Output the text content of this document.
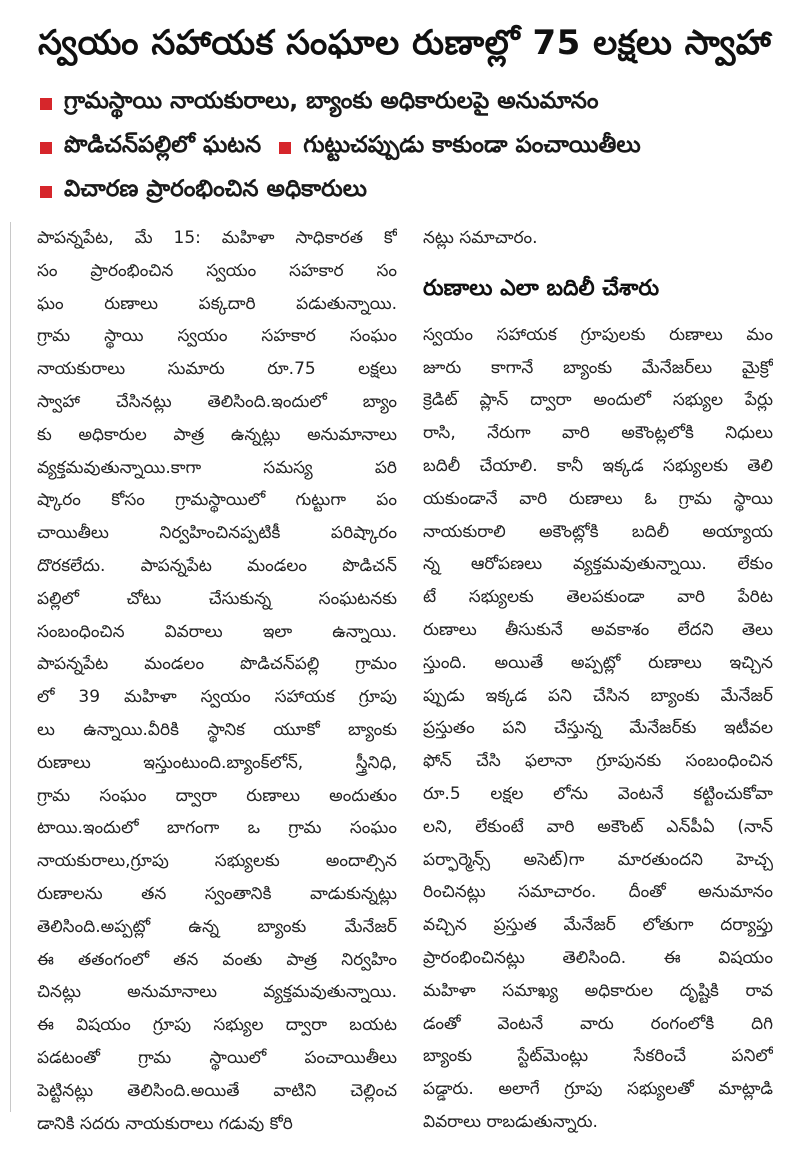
స్వయం సహాయక సంఘాల రుణాల్లో 75 లక్షలు స్వాహా
గ్రామస్థాయి నాయకురాలు, బ్యాంకు అధికారులపై అనుమానం
పొడిచన్‌పల్లిలో ఘటన గుట్టుచప్పుడు కాకుండా పంచాయితీలు
విచారణ ప్రారంభించిన అధికారులు
పాపన్నపేట, మే 15: మహిళా సాధికారత కో
సం ప్రారంభించిన స్వయం సహకార సం
ఘం రుణాలు పక్కదారి పడుతున్నాయి.
గ్రామ స్థాయి స్వయం సహకార సంఘం
నాయకురాలు సుమారు రూ.75 లక్షలు
స్వాహా చేసినట్లు తెలిసింది.ఇందులో బ్యాం
కు అధికారుల పాత్ర ఉన్నట్లు అనుమానాలు
వ్యక్తమవుతున్నాయి.కాగా సమస్య పరి
ష్కారం కోసం గ్రామస్థాయిలో గుట్టుగా పం
చాయితీలు నిర్వహించినప్పటికీ పరిష్కారం
దొరకలేదు. పాపన్నపేట మండలం పొడిచన్
పల్లిలో చోటు చేసుకున్న సంఘటనకు
సంబంధించిన వివరాలు ఇలా ఉన్నాయి.
పాపన్నపేట మండలం పొడిచన్‌పల్లి గ్రామం
లో 39 మహిళా స్వయం సహాయక గ్రూపు
లు ఉన్నాయి.వీరికి స్థానిక యూకో బ్యాంకు
రుణాలు ఇస్తుంటుంది.బ్యాంక్‌లోన్, స్త్రీనిధి,
గ్రామ సంఘం ద్వారా రుణాలు అందుతుం
టాయి.ఇందులో బాగంగా ఒ గ్రామ సంఘం
నాయకురాలు,గ్రూపు సభ్యులకు అందాల్సిన
రుణాలను తన స్వంతానికి వాడుకున్నట్లు
తెలిసింది.అప్పట్లో ఉన్న బ్యాంకు మేనేజర్
ఈ తతంగంలో తన వంతు పాత్ర నిర్వహిం
చినట్లు అనుమానాలు వ్యక్తమవుతున్నాయి.
ఈ విషయం గ్రూపు సభ్యుల ద్వారా బయట
పడటంతో గ్రామ స్థాయిలో పంచాయితీలు
పెట్టినట్లు తెలిసింది.అయితే వాటిని చెల్లించ
డానికి సదరు నాయకురాలు గడువు కోరి
నట్లు సమాచారం.
రుణాలు ఎలా బదిలీ చేశారు
స్వయం సహాయక గ్రూపులకు రుణాలు మం
జూరు కాగానే బ్యాంకు మేనేజర్‌లు మైక్రో
క్రెడిట్ ప్లాన్ ద్వారా అందులో సభ్యుల పేర్లు
రాసి, నేరుగా వారి అకౌంట్లలోకి నిధులు
బదిలీ చేయాలి. కానీ ఇక్కడ సభ్యులకు తెలి
యకుండానే వారి రుణాలు ఓ గ్రామ స్థాయి
నాయకురాలి అకౌంట్లోకి బదిలీ అయ్యాయ
న్న ఆరోపణలు వ్యక్తమవుతున్నాయి. లేకుం
టే సభ్యులకు తెలపకుండా వారి పేరిట
రుణాలు తీసుకునే అవకాశం లేదని తెలు
స్తుంది. అయితే అప్పట్లో రుణాలు ఇచ్చిన
ప్పుడు ఇక్కడ పని చేసిన బ్యాంకు మేనేజర్
ప్రస్తుతం పని చేస్తున్న మేనేజర్‌కు ఇటీవల
ఫోన్ చేసి ఫలానా గ్రూపునకు సంబంధించిన
రూ.5 లక్షల లోను వెంటనే కట్టించుకోవా
లని, లేకుంటే వారి అకౌంట్ ఎన్‌పీఏ (నాన్
పర్ఫార్మెన్స్ అసెట్)గా మారతుందని హెచ్చ
రించినట్లు సమాచారం. దీంతో అనుమానం
వచ్చిన ప్రస్తుత మేనేజర్ లోతుగా దర్యాప్తు
ప్రారంభించినట్లు తెలిసింది. ఈ విషయం
మహిళా సమాఖ్య అధికారుల దృష్టికి రావ
డంతో వెంటనే వారు రంగంలోకి దిగి
బ్యాంకు స్టేట్‌మెంట్లు సేకరించే పనిలో
పడ్డారు. అలాగే గ్రూపు సభ్యులతో మాట్లాడి
వివరాలు రాబడుతున్నారు.
